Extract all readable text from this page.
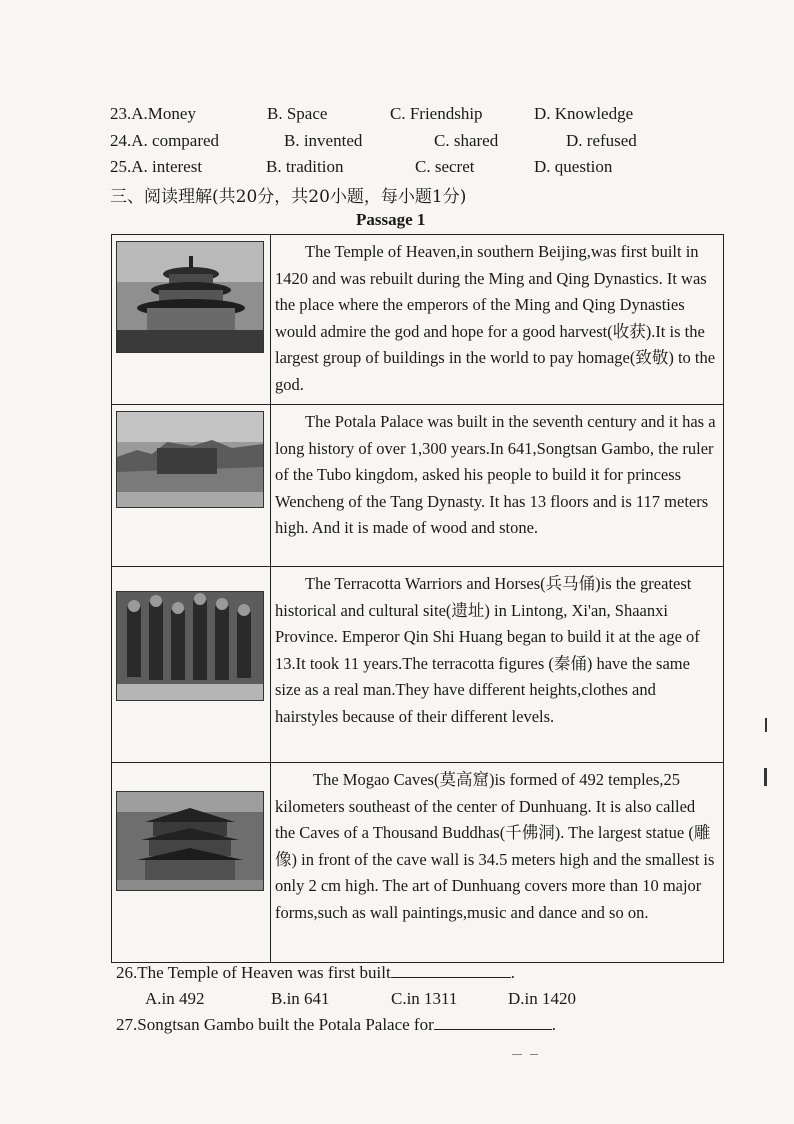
23.A.Money	B. Space	C. Friendship	D. Knowledge
24.A. compared	B. invented	C. shared	D. refused
25.A. interest	B. tradition	C. secret	D. question
三、阅读理解(共20分，共20小题，每小题1分)
Passage 1

The Temple of Heaven,in southern Beijing,was first built in 1420 and was rebuilt during the Ming and Qing Dynastics. It was the place where the emperors of the Ming and Qing Dynasties would admire the god and hope for a good harvest(收获).It is the largest group of buildings in the world to pay homage(致敬) to the god.

The Potala Palace was built in the seventh century and it has a long history of over 1,300 years.In 641,Songtsan Gambo, the ruler of the Tubo kingdom, asked his people to build it for princess Wencheng of the Tang Dynasty. It has 13 floors and is 117 meters high. And it is made of wood and stone.

The Terracotta Warriors and Horses(兵马俑)is the greatest historical and cultural site(遗址) in Lintong, Xi'an, Shaanxi Province. Emperor Qin Shi Huang began to build it at the age of 13.It took 11 years.The terracotta figures (秦俑) have the same size as a real man.They have different heights,clothes and hairstyles because of their different levels.

The Mogao Caves(莫高窟)is formed of 492 temples,25 kilometers southeast of the center of Dunhuang. It is also called the Caves of a Thousand Buddhas(千佛洞). The largest statue (雕像) in front of the cave wall is 34.5 meters high and the smallest is only 2 cm high. The art of Dunhuang covers more than 10 major forms,such as wall paintings,music and dance and so on.

26.The Temple of Heaven was first built	.
A.in 492	B.in 641	C.in 1311	D.in 1420
27.Songtsan Gambo built the Potala Palace for	.
